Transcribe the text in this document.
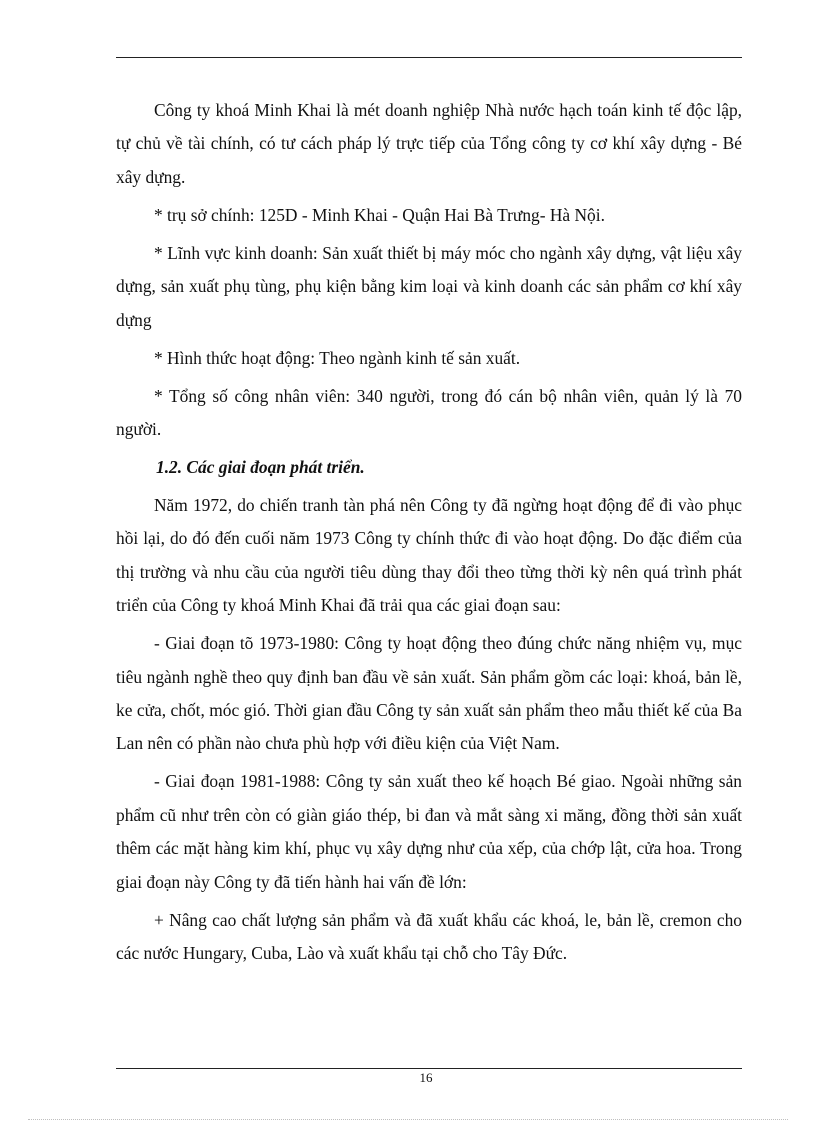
Công ty khoá Minh Khai là mét doanh nghiệp Nhà nước hạch toán kinh tế độc lập, tự chủ về tài chính, có tư cách pháp lý trực tiếp của Tổng công ty cơ khí xây dựng - Bé xây dựng.

* trụ sở chính: 125D - Minh Khai - Quận Hai Bà Trưng- Hà Nội.

* Lĩnh vực kinh doanh: Sản xuất thiết bị máy móc cho ngành xây dựng, vật liệu xây dựng, sản xuất phụ tùng, phụ kiện bằng kim loại và kinh doanh các sản phẩm cơ khí xây dựng

* Hình thức hoạt động: Theo ngành kinh tế sản xuất.

* Tổng số công nhân viên: 340 người, trong đó cán bộ nhân viên, quản lý là 70 người.

1.2. Các giai đoạn phát triển.

Năm 1972, do chiến tranh tàn phá nên Công ty đã ngừng hoạt động để đi vào phục hồi lại, do đó đến cuối năm 1973 Công ty chính thức đi vào hoạt động. Do đặc điểm của thị trường và nhu cầu của người tiêu dùng thay đổi theo từng thời kỳ nên quá trình phát triển của Công ty khoá Minh Khai đã trải qua các giai đoạn sau:

- Giai đoạn tõ 1973-1980: Công ty hoạt động theo đúng chức năng nhiệm vụ, mục tiêu ngành nghề theo quy định ban đầu về sản xuất. Sản phẩm gồm các loại: khoá, bản lề, ke cửa, chốt, móc gió. Thời gian đầu Công ty sản xuất sản phẩm theo mẫu thiết kế của Ba Lan nên có phần nào chưa phù hợp với điều kiện của Việt Nam.

- Giai đoạn 1981-1988: Công ty sản xuất theo kế hoạch Bé giao. Ngoài những sản phẩm cũ như trên còn có giàn giáo thép, bi đan và mắt sàng xi măng, đồng thời sản xuất thêm các mặt hàng kim khí, phục vụ xây dựng như của xếp, của chớp lật, cửa hoa. Trong giai đoạn này Công ty đã tiến hành hai vấn đề lớn:

+ Nâng cao chất lượng sản phẩm và đã xuất khẩu các khoá, le, bản lề, cremon cho các nước Hungary, Cuba, Lào và xuất khẩu tại chỗ cho Tây Đức.

16
